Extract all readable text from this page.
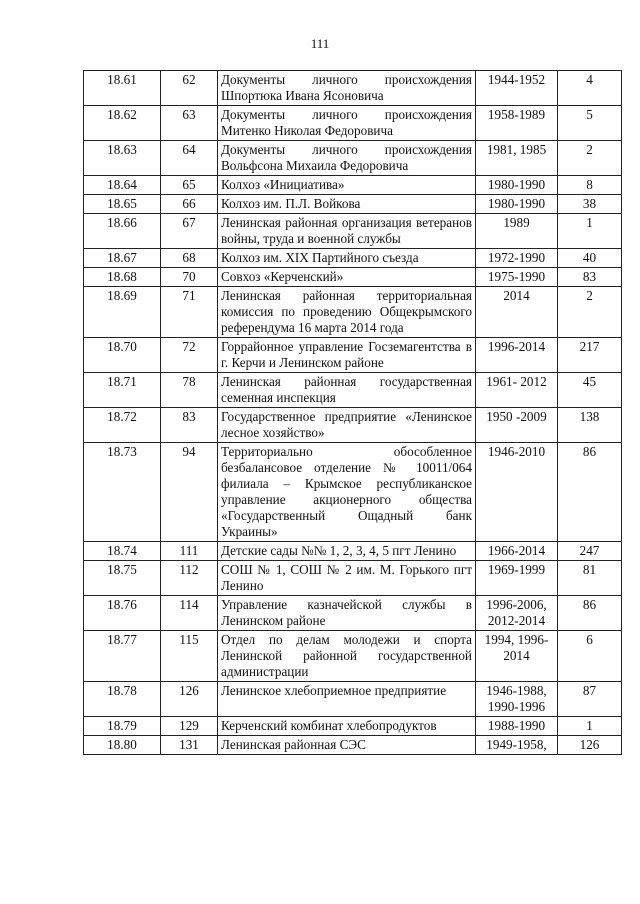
111
18.61	62	Документы личного происхождения Шпортюка Ивана Ясоновича	1944-1952	4
18.62	63	Документы личного происхождения Митенко Николая Федоровича	1958-1989	5
18.63	64	Документы личного происхождения Вольфсона Михаила Федоровича	1981, 1985	2
18.64	65	Колхоз «Инициатива»	1980-1990	8
18.65	66	Колхоз им. П.Л. Войкова	1980-1990	38
18.66	67	Ленинская районная организация ветеранов войны, труда и военной службы	1989	1
18.67	68	Колхоз им. XIX Партийного съезда	1972-1990	40
18.68	70	Совхоз «Керченский»	1975-1990	83
18.69	71	Ленинская районная территориальная комиссия по проведению Общекрымского референдума 16 марта 2014 года	2014	2
18.70	72	Горрайонное управление Госземагентства в г. Керчи и Ленинском районе	1996-2014	217
18.71	78	Ленинская районная государственная семенная инспекция	1961- 2012	45
18.72	83	Государственное предприятие «Ленинское лесное хозяйство»	1950 -2009	138
18.73	94	Территориально обособленное безбалансовое отделение № 10011/064 филиала – Крымское республиканское управление акционерного общества «Государственный Ощадный банк Украины»	1946-2010	86
18.74	111	Детские сады №№ 1, 2, 3, 4, 5 пгт Ленино	1966-2014	247
18.75	112	СОШ № 1, СОШ № 2 им. М. Горького пгт Ленино	1969-1999	81
18.76	114	Управление казначейской службы в Ленинском районе	1996-2006, 2012-2014	86
18.77	115	Отдел по делам молодежи и спорта Ленинской районной государственной администрации	1994, 1996-2014	6
18.78	126	Ленинское хлебоприемное предприятие	1946-1988, 1990-1996	87
18.79	129	Керченский комбинат хлебопродуктов	1988-1990	1
18.80	131	Ленинская районная СЭС	1949-1958,	126
